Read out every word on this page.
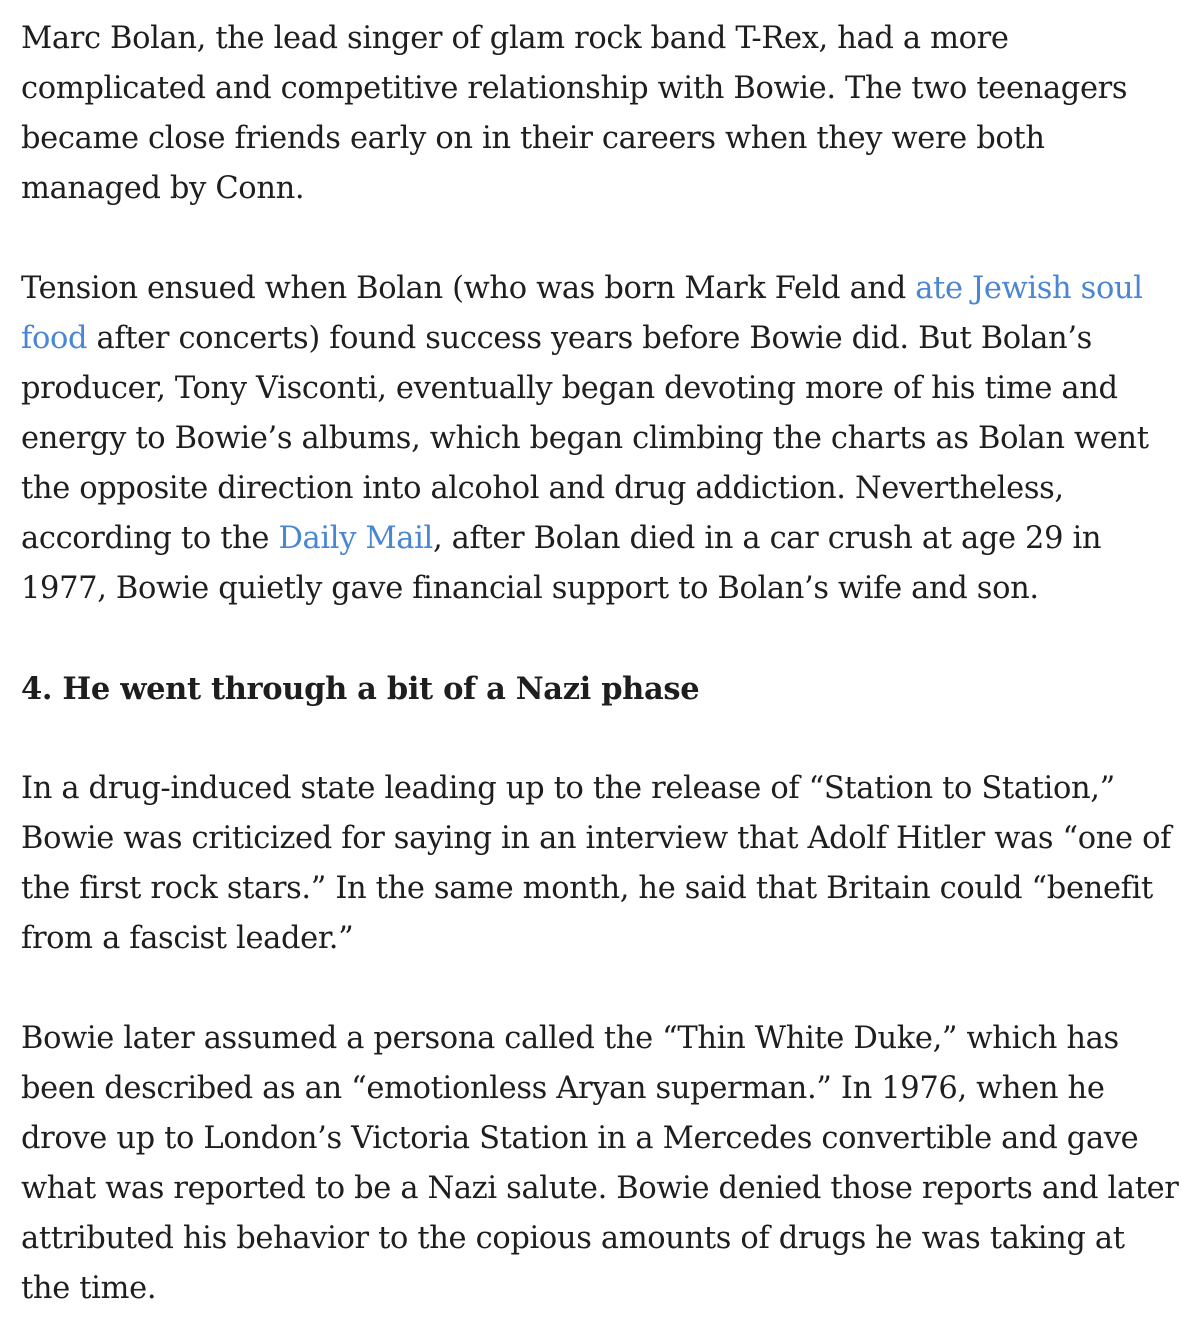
Marc Bolan, the lead singer of glam rock band T-Rex, had a more complicated and competitive relationship with Bowie. The two teenagers became close friends early on in their careers when they were both managed by Conn.

Tension ensued when Bolan (who was born Mark Feld and ate Jewish soul food after concerts) found success years before Bowie did. But Bolan’s producer, Tony Visconti, eventually began devoting more of his time and energy to Bowie’s albums, which began climbing the charts as Bolan went the opposite direction into alcohol and drug addiction. Nevertheless, according to the Daily Mail, after Bolan died in a car crush at age 29 in 1977, Bowie quietly gave financial support to Bolan’s wife and son.

4. He went through a bit of a Nazi phase

In a drug-induced state leading up to the release of “Station to Station,” Bowie was criticized for saying in an interview that Adolf Hitler was “one of the first rock stars.” In the same month, he said that Britain could “benefit from a fascist leader.”

Bowie later assumed a persona called the “Thin White Duke,” which has been described as an “emotionless Aryan superman.” In 1976, when he drove up to London’s Victoria Station in a Mercedes convertible and gave what was reported to be a Nazi salute. Bowie denied those reports and later attributed his behavior to the copious amounts of drugs he was taking at the time.
